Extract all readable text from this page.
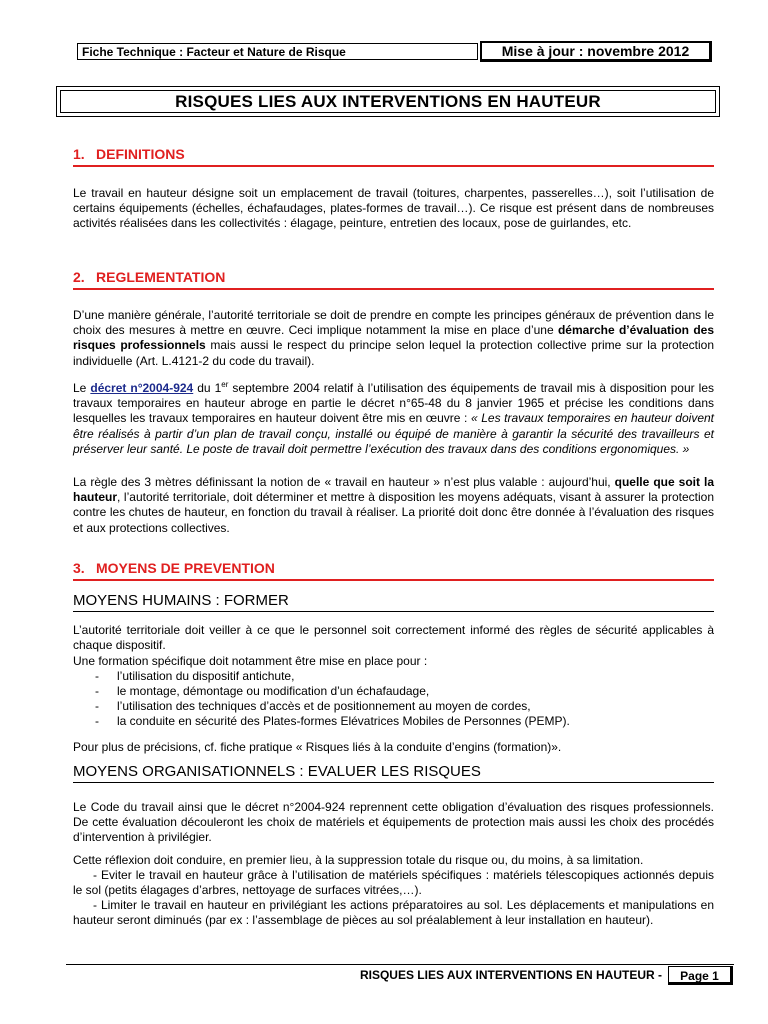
Fiche Technique : Facteur et Nature de Risque	Mise à jour : novembre 2012
RISQUES LIES AUX INTERVENTIONS EN HAUTEUR
1. DEFINITIONS

Le travail en hauteur désigne soit un emplacement de travail (toitures, charpentes, passerelles…), soit l’utilisation de certains équipements (échelles, échafaudages, plates-formes de travail…). Ce risque est présent dans de nombreuses activités réalisées dans les collectivités : élagage, peinture, entretien des locaux, pose de guirlandes, etc.

2. REGLEMENTATION

D’une manière générale, l’autorité territoriale se doit de prendre en compte les principes généraux de prévention dans le choix des mesures à mettre en œuvre. Ceci implique notamment la mise en place d’une démarche d’évaluation des risques professionnels mais aussi le respect du principe selon lequel la protection collective prime sur la protection individuelle (Art. L.4121-2 du code du travail).

Le décret n°2004-924 du 1er septembre 2004 relatif à l’utilisation des équipements de travail mis à disposition pour les travaux temporaires en hauteur abroge en partie le décret n°65-48 du 8 janvier 1965 et précise les conditions dans lesquelles les travaux temporaires en hauteur doivent être mis en œuvre : « Les travaux temporaires en hauteur doivent être réalisés à partir d’un plan de travail conçu, installé ou équipé de manière à garantir la sécurité des travailleurs et préserver leur santé. Le poste de travail doit permettre l’exécution des travaux dans des conditions ergonomiques. »

La règle des 3 mètres définissant la notion de « travail en hauteur » n’est plus valable : aujourd’hui, quelle que soit la hauteur, l’autorité territoriale, doit déterminer et mettre à disposition les moyens adéquats, visant à assurer la protection contre les chutes de hauteur, en fonction du travail à réaliser. La priorité doit donc être donnée à l’évaluation des risques et aux protections collectives.

3. MOYENS DE PREVENTION
MOYENS HUMAINS : FORMER

L’autorité territoriale doit veiller à ce que le personnel soit correctement informé des règles de sécurité applicables à chaque dispositif.

Une formation spécifique doit notamment être mise en place pour :

- l’utilisation du dispositif antichute,
- le montage, démontage ou modification d’un échafaudage,
- l’utilisation des techniques d’accès et de positionnement au moyen de cordes,
- la conduite en sécurité des Plates-formes Elévatrices Mobiles de Personnes (PEMP).

Pour plus de précisions, cf. fiche pratique « Risques liés à la conduite d’engins (formation)».

MOYENS ORGANISATIONNELS : EVALUER LES RISQUES

Le Code du travail ainsi que le décret n°2004-924 reprennent cette obligation d’évaluation des risques professionnels. De cette évaluation découleront les choix de matériels et équipements de protection mais aussi les choix des procédés d’intervention à privilégier.

Cette réflexion doit conduire, en premier lieu, à la suppression totale du risque ou, du moins, à sa limitation.

- Eviter le travail en hauteur grâce à l’utilisation de matériels spécifiques : matériels télescopiques actionnés depuis le sol (petits élagages d’arbres, nettoyage de surfaces vitrées,…).

- Limiter le travail en hauteur en privilégiant les actions préparatoires au sol. Les déplacements et manipulations en hauteur seront diminués (par ex : l’assemblage de pièces au sol préalablement à leur installation en hauteur).

RISQUES LIES AUX INTERVENTIONS EN HAUTEUR -	Page 1
